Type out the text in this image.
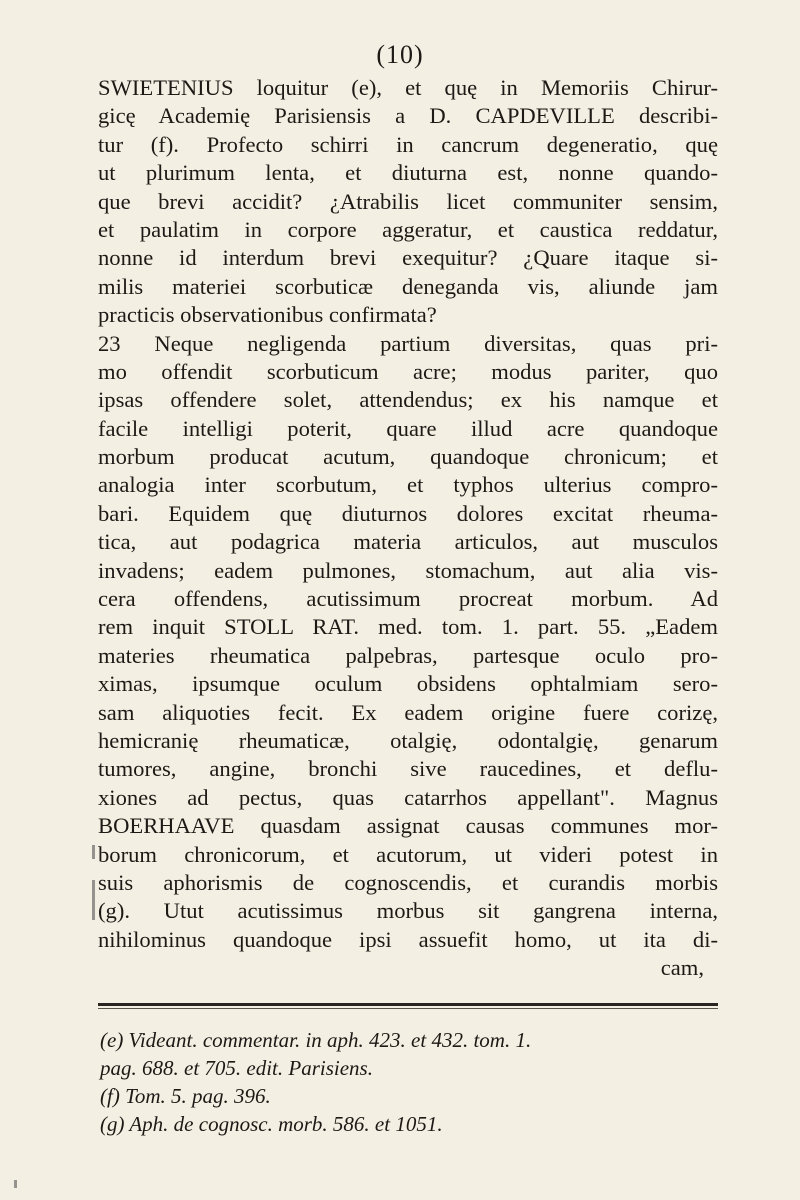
(10)
SWIETENIUS loquitur (e), et quę in Memoriis Chirur-
gicę Academię Parisiensis a D. CAPDEVILLE describi-
tur (f). Profecto schirri in cancrum degeneratio, quę
ut plurimum lenta, et diuturna est, nonne quando-
que brevi accidit? ¿Atrabilis licet communiter sensim,
et paulatim in corpore aggeratur, et caustica reddatur,
nonne id interdum brevi exequitur? ¿Quare itaque si-
milis materiei scorbuticæ deneganda vis, aliunde jam
practicis observationibus confirmata?
23 Neque negligenda partium diversitas, quas pri-
mo offendit scorbuticum acre; modus pariter, quo
ipsas offendere solet, attendendus; ex his namque et
facile intelligi poterit, quare illud acre quandoque
morbum producat acutum, quandoque chronicum; et
analogia inter scorbutum, et typhos ulterius compro-
bari. Equidem quę diuturnos dolores excitat rheuma-
tica, aut podagrica materia articulos, aut musculos
invadens; eadem pulmones, stomachum, aut alia vis-
cera offendens, acutissimum procreat morbum. Ad
rem inquit STOLL RAT. med. tom. 1. part. 55. „Eadem
materies rheumatica palpebras, partesque oculo pro-
ximas, ipsumque oculum obsidens ophtalmiam sero-
sam aliquoties fecit. Ex eadem origine fuere corizę,
hemicranię rheumaticæ, otalgię, odontalgię, genarum
tumores, angine, bronchi sive raucedines, et deflu-
xiones ad pectus, quas catarrhos appellant". Magnus
BOERHAAVE quasdam assignat causas communes mor-
borum chronicorum, et acutorum, ut videri potest in
suis aphorismis de cognoscendis, et curandis morbis
(g). Utut acutissimus morbus sit gangrena interna,
nihilominus quandoque ipsi assuefit homo, ut ita di-
cam,
(e) Videant. commentar. in aph. 423. et 432. tom. 1.
pag. 688. et 705. edit. Parisiens.
(f) Tom. 5. pag. 396.
(g) Aph. de cognosc. morb. 586. et 1051.
